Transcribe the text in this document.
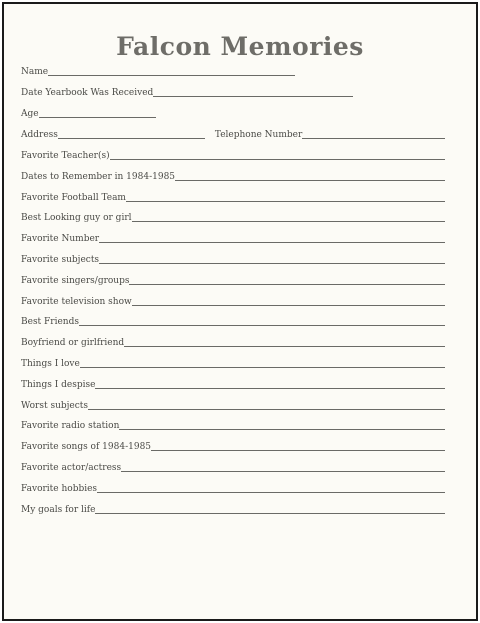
Falcon Memories
Name
Date Yearbook Was Received
Age
Address	Telephone Number
Favorite Teacher(s)
Dates to Remember in 1984-1985
Favorite Football Team
Best Looking guy or girl
Favorite Number
Favorite subjects
Favorite singers/groups
Favorite television show
Best Friends
Boyfriend or girlfriend
Things I love
Things I despise
Worst subjects
Favorite radio station
Favorite songs of 1984-1985
Favorite actor/actress
Favorite hobbies
My goals for life
